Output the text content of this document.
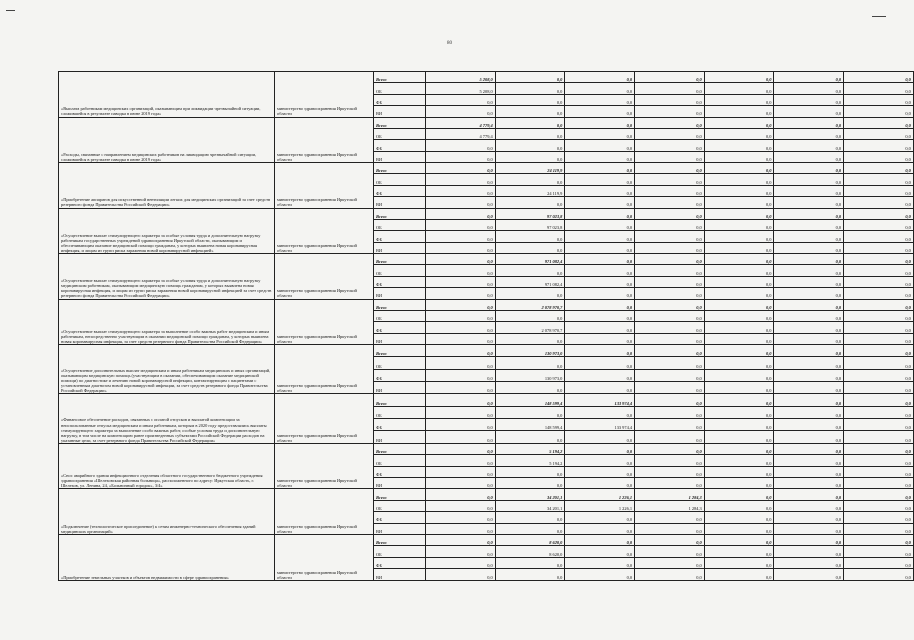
80
«Выплата работникам медицинских организаций, оказывающим при ликвидации чрезвычайной ситуации, сложившейся в результате паводка в июне 2019 года»	министерство здравоохранения Иркутской области	Всего	5 208,0	0,0	0,0	0,0	0,0	0,0	0,0
		ОБ	5 208,0	0,0	0,0	0,0	0,0	0,0	0,0
		ФБ	0,0	0,0	0,0	0,0	0,0	0,0	0,0
		ВИ	0,0	0,0	0,0	0,0	0,0	0,0	0,0
«Расходы, связанные с направлением медицинских работников на ликвидацию чрезвычайной ситуации, сложившейся в результате паводка в июне 2019 года»	министерство здравоохранения Иркутской области	Всего	4 779,4	0,0	0,0	0,0	0,0	0,0	0,0
		ОБ	4 779,4	0,0	0,0	0,0	0,0	0,0	0,0
		ФБ	0,0	0,0	0,0	0,0	0,0	0,0	0,0
		ВИ	0,0	0,0	0,0	0,0	0,0	0,0	0,0
«Приобретение аппаратов для искусственной вентиляции легких для медицинских организаций за счет средств резервного фонда Правительства Российской Федерации»	министерство здравоохранения Иркутской области	Всего	0,0	24 119,9	0,0	0,0	0,0	0,0	0,0
		ОБ	0,0	0,0	0,0	0,0	0,0	0,0	0,0
		ФБ	0,0	24 119,9	0,0	0,0	0,0	0,0	0,0
		ВИ	0,0	0,0	0,0	0,0	0,0	0,0	0,0
«Осуществление выплат стимулирующего характера за особые условия труда и дополнительную нагрузку работникам государственных учреждений здравоохранения Иркутской области, оказывающим и обеспечивающим оказание медицинской помощи гражданам, у которых выявлена новая коронавирусная инфекция, и лицам из групп риска заражения новой коронавирусной инфекцией»	министерство здравоохранения Иркутской области	Всего	0,0	97 023,8	0,0	0,0	0,0	0,0	0,0
		ОБ	0,0	97 023,8	0,0	0,0	0,0	0,0	0,0
		ФБ	0,0	0,0	0,0	0,0	0,0	0,0	0,0
		ВИ	0,0	0,0	0,0	0,0	0,0	0,0	0,0
«Осуществление выплат стимулирующего характера за особые условия труда и дополнительную нагрузку медицинским работникам, оказывающим медицинскую помощь гражданам, у которых выявлена новая коронавирусная инфекция, и лицам из групп риска заражения новой коронавирусной инфекцией за счет средств резервного фонда Правительства Российской Федерации»	министерство здравоохранения Иркутской области	Всего	0,0	971 082,4	0,0	0,0	0,0	0,0	0,0
		ОБ	0,0	0,0	0,0	0,0	0,0	0,0	0,0
		ФБ	0,0	971 082,4	0,0	0,0	0,0	0,0	0,0
		ВИ	0,0	0,0	0,0	0,0	0,0	0,0	0,0
«Осуществление выплат стимулирующего характера за выполнение особо важных работ медицинским и иным работникам, непосредственно участвующим в оказании медицинской помощи гражданам, у которых выявлена новая коронавирусная инфекция, за счет средств резервного фонда Правительства Российской Федерации»	министерство здравоохранения Иркутской области	Всего	0,0	2 078 970,7	0,0	0,0	0,0	0,0	0,0
		ОБ	0,0	0,0	0,0	0,0	0,0	0,0	0,0
		ФБ	0,0	2 078 970,7	0,0	0,0	0,0	0,0	0,0
		ВИ	0,0	0,0	0,0	0,0	0,0	0,0	0,0
«Осуществление дополнительных выплат медицинским и иным работникам медицинских и иных организаций, оказывающим медицинскую помощь (участвующим в оказании, обеспечивающим оказание медицинской помощи) по диагностике и лечению новой коронавирусной инфекции, контактирующим с пациентами с установленным диагнозом новой коронавирусной инфекции, за счет средств резервного фонда Правительства Российской Федерации»	министерство здравоохранения Иркутской области	Всего	0,0	130 973,0	0,0	0,0	0,0	0,0	0,0
		ОБ	0,0	0,0	0,0	0,0	0,0	0,0	0,0
		ФБ	0,0	130 973,0	0,0	0,0	0,0	0,0	0,0
		ВИ	0,0	0,0	0,0	0,0	0,0	0,0	0,0
«Финансовое обеспечение расходов, связанных с оплатой отпусков и выплатой компенсации за неиспользованные отпуска медицинским и иным работникам, которым в 2020 году предоставлялись выплаты стимулирующего характера за выполнение особо важных работ, особые условия труда и дополнительную нагрузку, в том числе на компенсацию ранее произведенных субъектами Российской Федерации расходов на указанные цели, за счет резервного фонда Правительства Российской Федерации»	министерство здравоохранения Иркутской области	Всего	0,0	148 599,4	133 974,4	0,0	0,0	0,0	0,0
		ОБ	0,0	0,0	0,0	0,0	0,0	0,0	0,0
		ФБ	0,0	148 599,4	133 974,4	0,0	0,0	0,0	0,0
		ВИ	0,0	0,0	0,0	0,0	0,0	0,0	0,0
«Снос аварийного здания инфекционного отделения областного государственного бюджетного учреждения здравоохранения «Шелеховская районная больница», расположенного по адресу: Иркутская область, г. Шелехов, ул. Ленина, 24, «Больничный городок», 3/4»	министерство здравоохранения Иркутской области	Всего	0,0	5 194,2	0,0	0,0	0,0	0,0	0,0
		ОБ	0,0	5 194,2	0,0	0,0	0,0	0,0	0,0
		ФБ	0,0	0,0	0,0	0,0	0,0	0,0	0,0
		ВИ	0,0	0,0	0,0	0,0	0,0	0,0	0,0
«Подключение (технологическое присоединение) к сетям инженерно-технического обеспечения зданий медицинских организаций»	министерство здравоохранения Иркутской области	Всего	0,0	34 201,1	1 226,1	1 284,3	0,0	0,0	0,0
		ОБ	0,0	34 201,1	1 226,1	1 284,3	0,0	0,0	0,0
		ФБ	0,0	0,0	0,0	0,0	0,0	0,0	0,0
		ВИ	0,0	0,0	0,0	0,0	0,0	0,0	0,0
«Приобретение земельных участков и объектов недвижимости в сфере здравоохранения»	министерство здравоохранения Иркутской области	Всего	0,0	8 620,0	0,0	0,0	0,0	0,0	0,0
		ОБ	0,0	8 620,0	0,0	0,0	0,0	0,0	0,0
		ФБ	0,0	0,0	0,0	0,0	0,0	0,0	0,0
		ВИ	0,0	0,0	0,0	0,0	0,0	0,0	0,0
